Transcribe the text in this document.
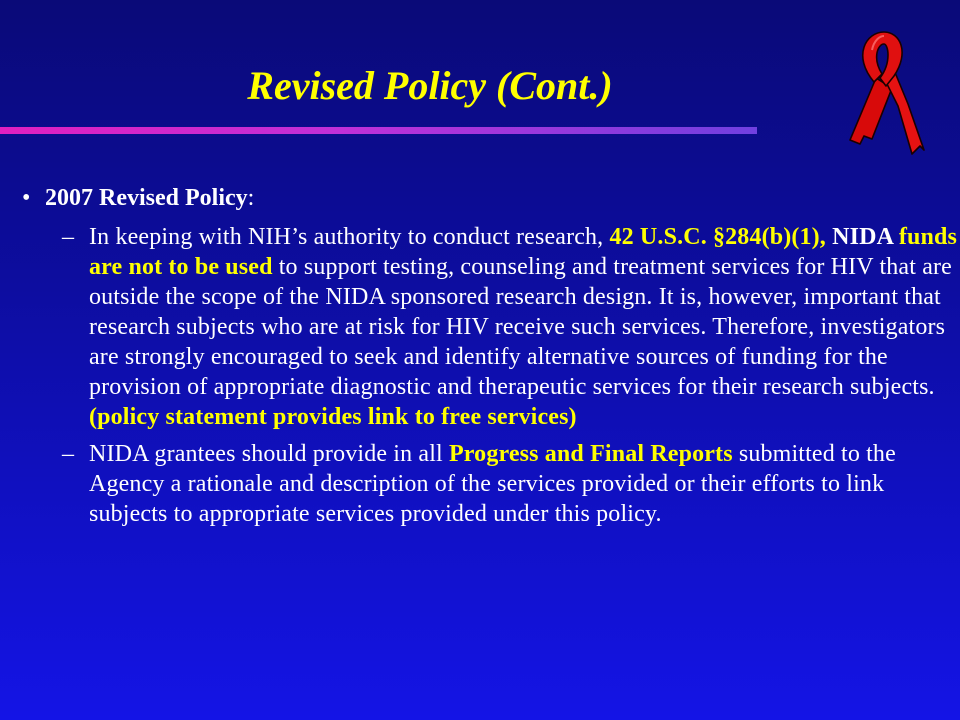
Revised Policy (Cont.)
• 2007 Revised Policy:
– In keeping with NIH’s authority to conduct research, 42 U.S.C. §284(b)(1), NIDA funds are not to be used to support testing, counseling and treatment services for HIV that are outside the scope of the NIDA sponsored research design. It is, however, important that research subjects who are at risk for HIV receive such services. Therefore, investigators are strongly encouraged to seek and identify alternative sources of funding for the provision of appropriate diagnostic and therapeutic services for their research subjects. (policy statement provides link to free services)
– NIDA grantees should provide in all Progress and Final Reports submitted to the Agency a rationale and description of the services provided or their efforts to link subjects to appropriate services provided under this policy.
